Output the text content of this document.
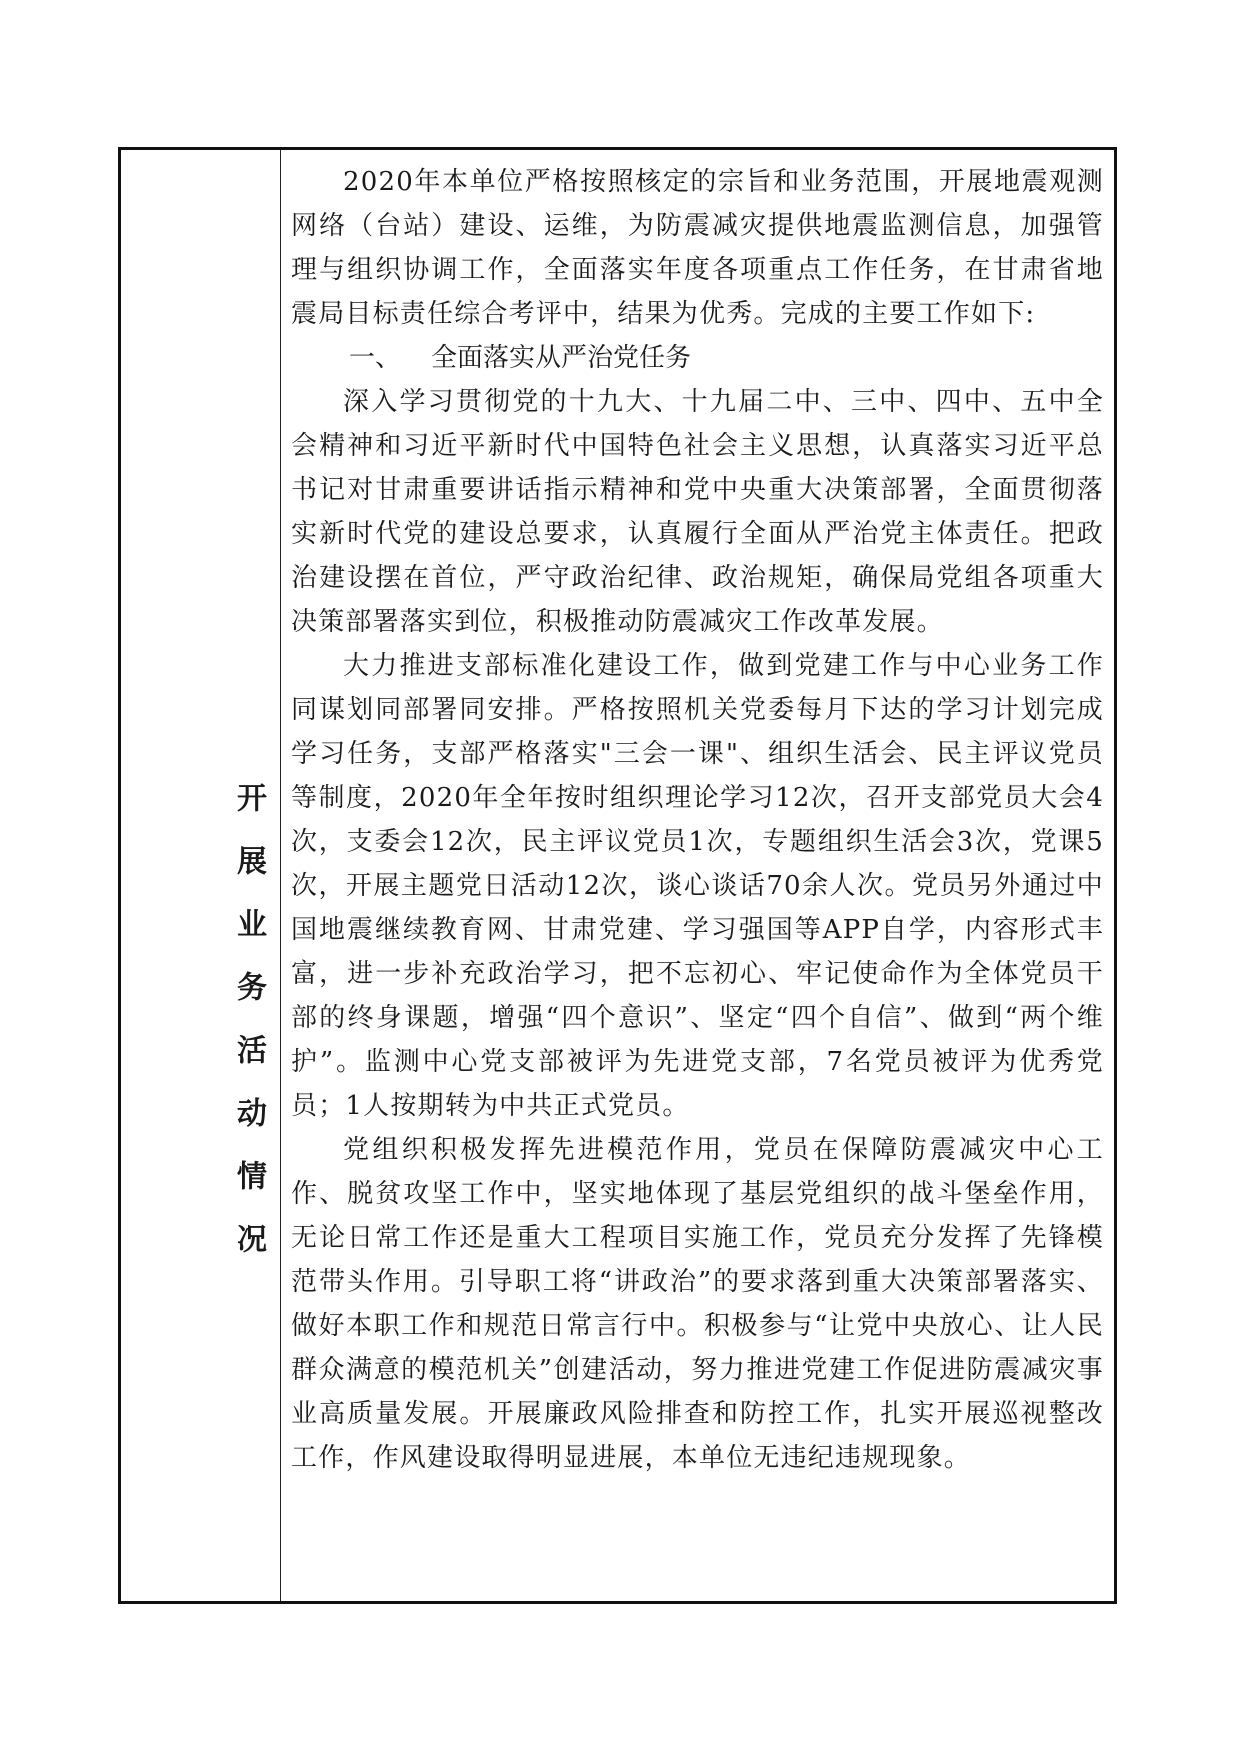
开展业务活动情况

2020年本单位严格按照核定的宗旨和业务范围，开展地震观测网络（台站）建设、运维，为防震减灾提供地震监测信息，加强管理与组织协调工作，全面落实年度各项重点工作任务，在甘肃省地震局目标责任综合考评中，结果为优秀。完成的主要工作如下:

一、 全面落实从严治党任务

深入学习贯彻党的十九大、十九届二中、三中、四中、五中全会精神和习近平新时代中国特色社会主义思想，认真落实习近平总书记对甘肃重要讲话指示精神和党中央重大决策部署，全面贯彻落实新时代党的建设总要求，认真履行全面从严治党主体责任。把政治建设摆在首位，严守政治纪律、政治规矩，确保局党组各项重大决策部署落实到位，积极推动防震减灾工作改革发展。

大力推进支部标准化建设工作，做到党建工作与中心业务工作同谋划同部署同安排。严格按照机关党委每月下达的学习计划完成学习任务，支部严格落实"三会一课"、组织生活会、民主评议党员等制度，2020年全年按时组织理论学习12次，召开支部党员大会4次，支委会12次，民主评议党员1次，专题组织生活会3次，党课5次，开展主题党日活动12次，谈心谈话70余人次。党员另外通过中国地震继续教育网、甘肃党建、学习强国等APP自学，内容形式丰富，进一步补充政治学习，把不忘初心、牢记使命作为全体党员干部的终身课题，增强“四个意识”、坚定“四个自信”、做到“两个维护”。监测中心党支部被评为先进党支部，7名党员被评为优秀党员；1人按期转为中共正式党员。

党组织积极发挥先进模范作用，党员在保障防震减灾中心工作、脱贫攻坚工作中，坚实地体现了基层党组织的战斗堡垒作用，无论日常工作还是重大工程项目实施工作，党员充分发挥了先锋模范带头作用。引导职工将“讲政治”的要求落到重大决策部署落实、做好本职工作和规范日常言行中。积极参与“让党中央放心、让人民群众满意的模范机关”创建活动，努力推进党建工作促进防震减灾事业高质量发展。开展廉政风险排查和防控工作，扎实开展巡视整改工作，作风建设取得明显进展，本单位无违纪违规现象。
